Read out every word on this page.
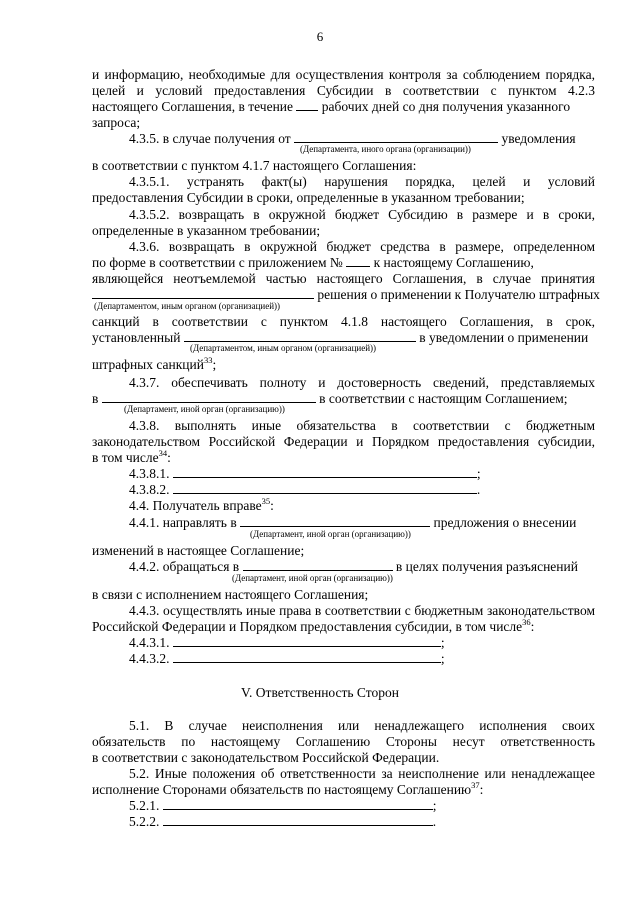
6
и информацию, необходимые для осуществления контроля за соблюдением порядка,
целей и условий предоставления Субсидии в соответствии с пунктом 4.2.3
настоящего Соглашения, в течение рабочих дней со дня получения указанного
запроса;
4.3.5. в случае получения от	уведомления
(Департамента, иного органа (организации))
в соответствии с пунктом 4.1.7 настоящего Соглашения:
4.3.5.1. устранять факт(ы) нарушения порядка, целей и условий
предоставления Субсидии в сроки, определенные в указанном требовании;
4.3.5.2. возвращать в окружной бюджет Субсидию в размере и в сроки,
определенные в указанном требовании;
4.3.6. возвращать в окружной бюджет средства в размере, определенном
по форме в соответствии с приложением № к настоящему Соглашению,
являющейся неотъемлемой частью настоящего Соглашения, в случае принятия
решения о применении к Получателю штрафных
(Департаментом, иным органом (организацией))
санкций в соответствии с пунктом 4.1.8 настоящего Соглашения, в срок,
установленный	в уведомлении о применении
(Департаментом, иным органом (организацией))
штрафных санкций$^{33}$;
4.3.7. обеспечивать полноту и достоверность сведений, представляемых
в	в соответствии с настоящим Соглашением;
(Департамент, иной орган (организацию))
4.3.8. выполнять иные обязательства в соответствии с бюджетным
законодательством Российской Федерации и Порядком предоставления субсидии,
в том числе$^{34}$:
4.3.8.1.	;
4.3.8.2.	.
4.4. Получатель вправе$^{35}$:
4.4.1. направлять в	предложения о внесении
(Департамент, иной орган (организацию))
изменений в настоящее Соглашение;
4.4.2. обращаться в	в целях получения разъяснений
(Департамент, иной орган (организацию))
в связи с исполнением настоящего Соглашения;
4.4.3. осуществлять иные права в соответствии с бюджетным законодательством
Российской Федерации и Порядком предоставления субсидии, в том числе$^{36}$:
4.4.3.1.	;
4.4.3.2.	;
V. Ответственность Сторон
5.1. В случае неисполнения или ненадлежащего исполнения своих
обязательств по настоящему Соглашению Стороны несут ответственность
в соответствии с законодательством Российской Федерации.
5.2. Иные положения об ответственности за неисполнение или ненадлежащее
исполнение Сторонами обязательств по настоящему Соглашению$^{37}$:
5.2.1.	;
5.2.2.	.
